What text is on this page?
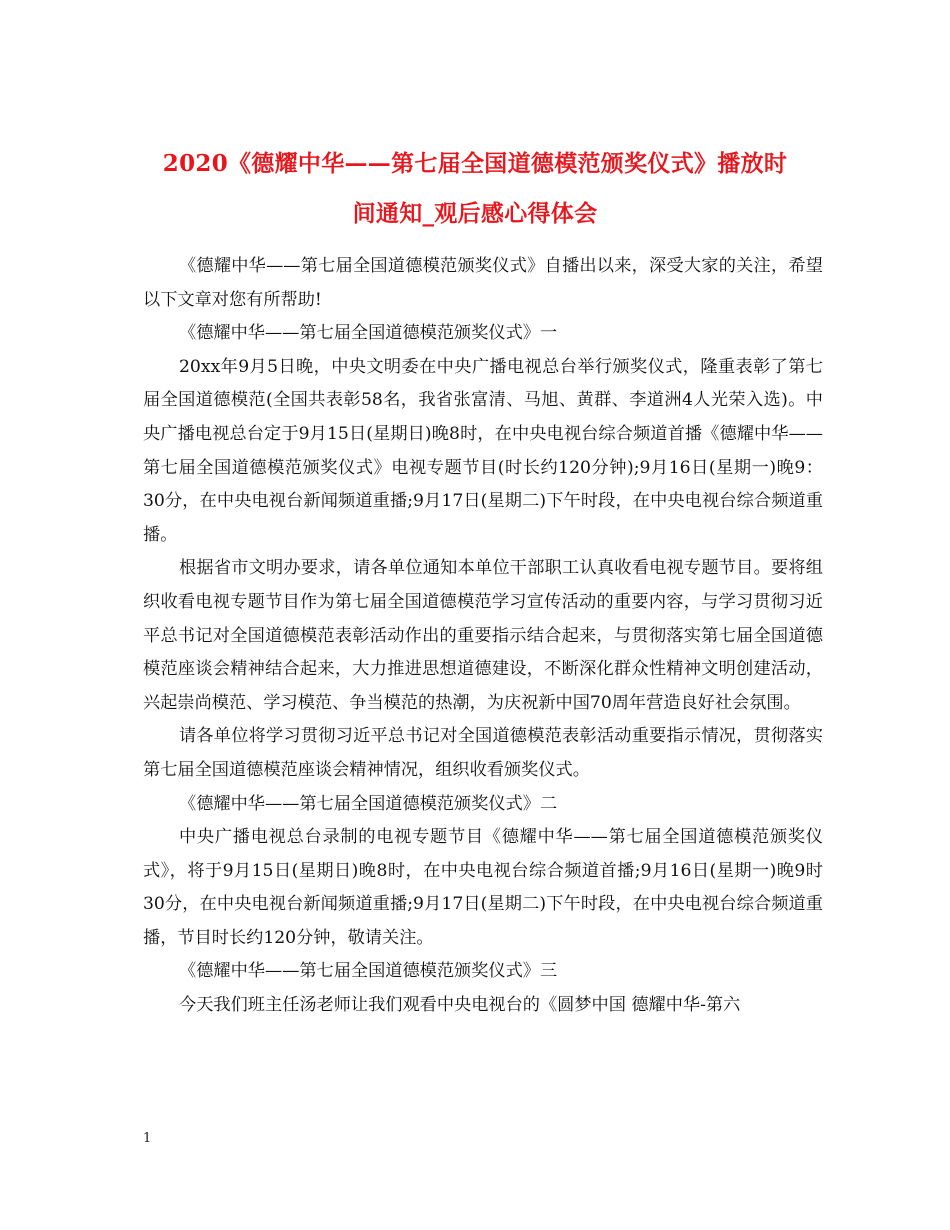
2020《德耀中华——第七届全国道德模范颁奖仪式》播放时
间通知_观后感心得体会

《德耀中华——第七届全国道德模范颁奖仪式》自播出以来，深受大家的关注，希望以下文章对您有所帮助!

《德耀中华——第七届全国道德模范颁奖仪式》一

20xx年9月5日晚，中央文明委在中央广播电视总台举行颁奖仪式，隆重表彰了第七届全国道德模范(全国共表彰58名，我省张富清、马旭、黄群、李道洲4人光荣入选)。中央广播电视总台定于9月15日(星期日)晚8时，在中央电视台综合频道首播《德耀中华——第七届全国道德模范颁奖仪式》电视专题节目(时长约120分钟);9月16日(星期一)晚9：30分，在中央电视台新闻频道重播;9月17日(星期二)下午时段，在中央电视台综合频道重播。

根据省市文明办要求，请各单位通知本单位干部职工认真收看电视专题节目。要将组织收看电视专题节目作为第七届全国道德模范学习宣传活动的重要内容，与学习贯彻习近平总书记对全国道德模范表彰活动作出的重要指示结合起来，与贯彻落实第七届全国道德模范座谈会精神结合起来，大力推进思想道德建设，不断深化群众性精神文明创建活动，兴起崇尚模范、学习模范、争当模范的热潮，为庆祝新中国70周年营造良好社会氛围。

请各单位将学习贯彻习近平总书记对全国道德模范表彰活动重要指示情况，贯彻落实第七届全国道德模范座谈会精神情况，组织收看颁奖仪式。

《德耀中华——第七届全国道德模范颁奖仪式》二

中央广播电视总台录制的电视专题节目《德耀中华——第七届全国道德模范颁奖仪式》，将于9月15日(星期日)晚8时，在中央电视台综合频道首播;9月16日(星期一)晚9时30分，在中央电视台新闻频道重播;9月17日(星期二)下午时段，在中央电视台综合频道重播，节目时长约120分钟，敬请关注。

《德耀中华——第七届全国道德模范颁奖仪式》三

今天我们班主任汤老师让我们观看中央电视台的《圆梦中国 德耀中华-第六

1
